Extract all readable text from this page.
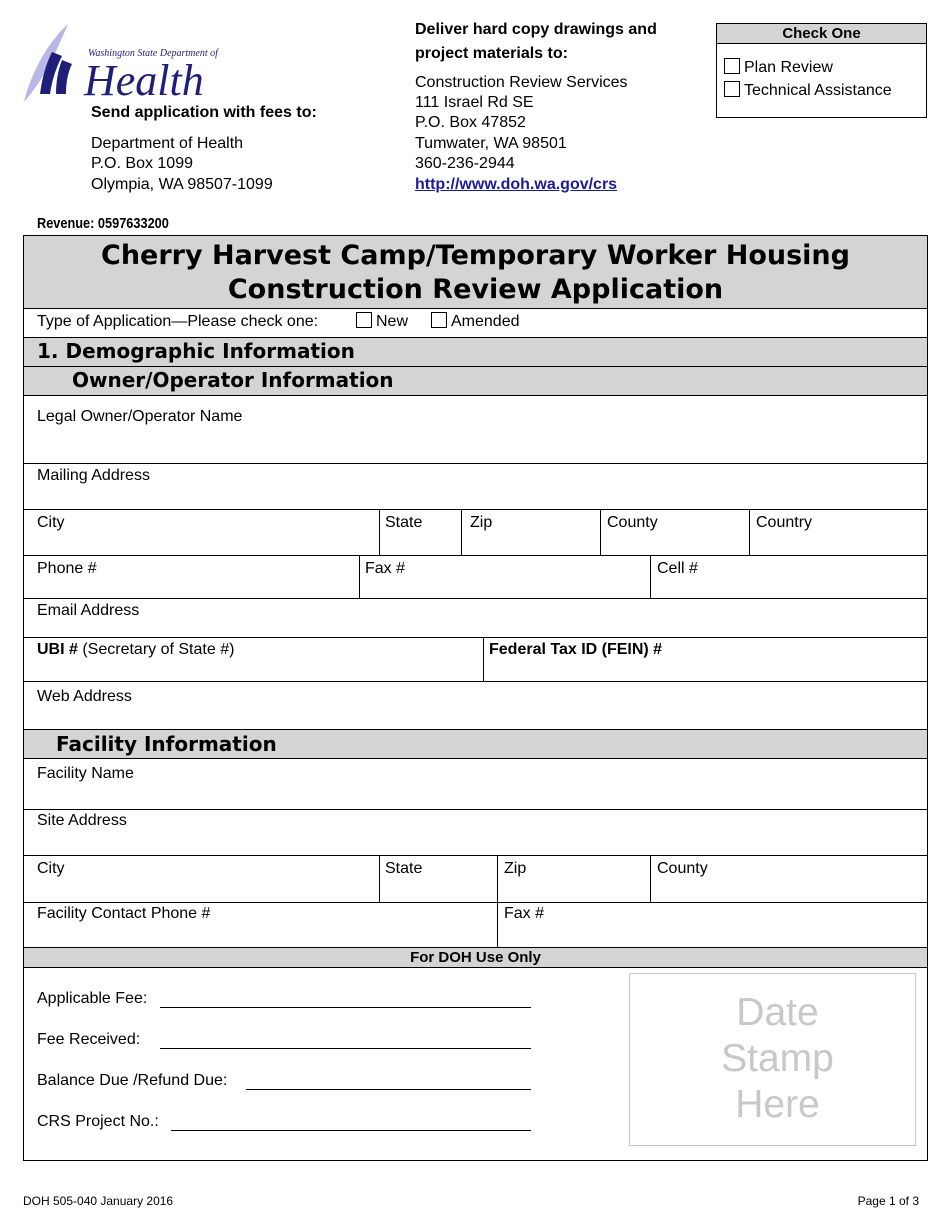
Washington State Department of
Health
Send application with fees to:
Department of Health
P.O. Box 1099
Olympia, WA 98507-1099
Deliver hard copy drawings and
project materials to:
Construction Review Services
111 Israel Rd SE
P.O. Box 47852
Tumwater, WA 98501
360-236-2944
http://www.doh.wa.gov/crs
Check One
Plan Review
Technical Assistance
Revenue: 0597633200
Cherry Harvest Camp/Temporary Worker Housing
Construction Review Application
Type of Application—Please check one:	New	Amended
1. Demographic Information
Owner/Operator Information
Legal Owner/Operator Name
Mailing Address
City	State	Zip	County	Country
Phone #	Fax #	Cell #
Email Address
UBI # (Secretary of State #)	Federal Tax ID (FEIN) #
Web Address
Facility Information
Facility Name
Site Address
City	State	Zip	County
Facility Contact Phone #	Fax #
For DOH Use Only
Applicable Fee:
Fee Received:
Balance Due /Refund Due:
CRS Project No.:
Date
Stamp
Here
DOH 505-040 January 2016	Page 1 of 3
